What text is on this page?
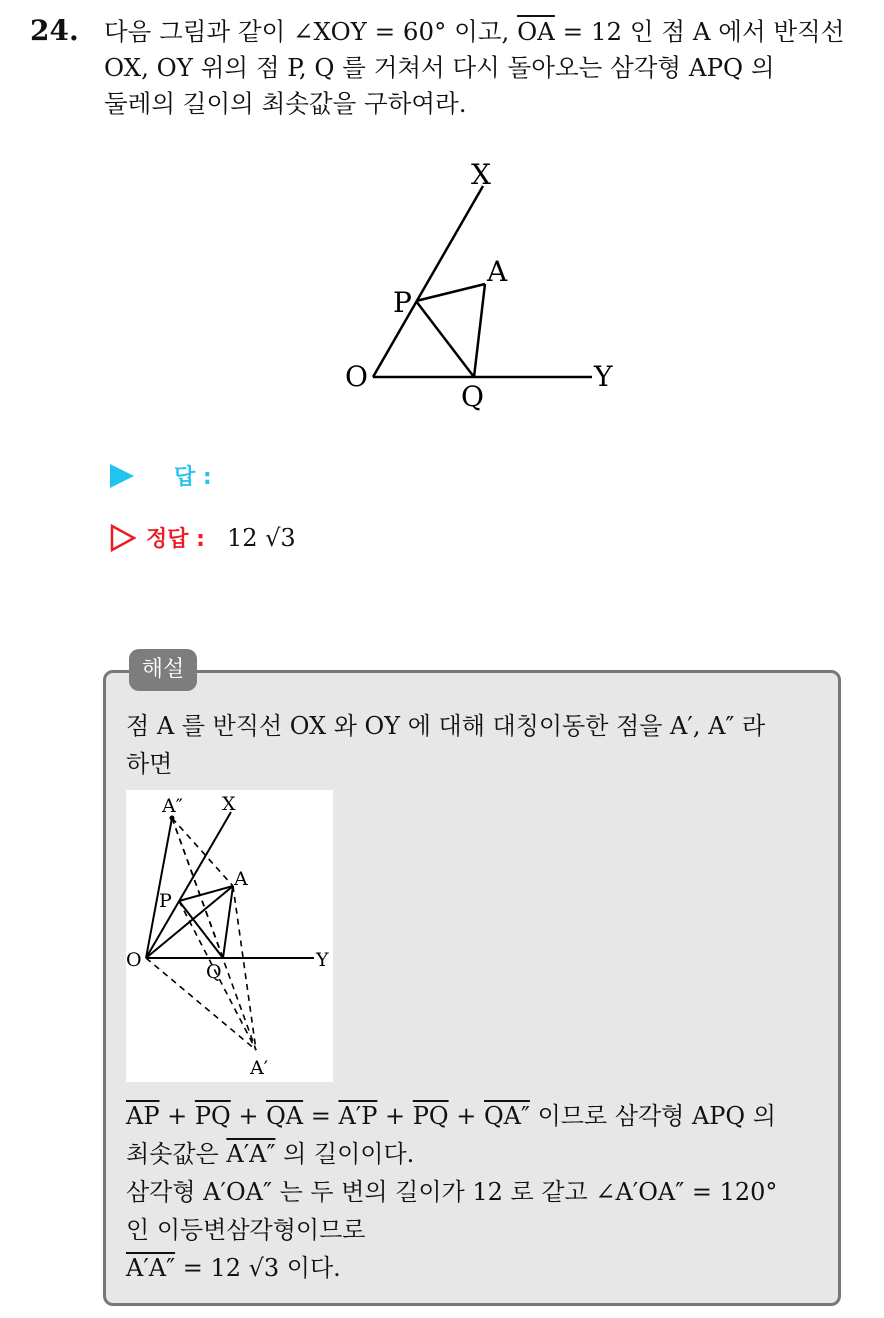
24. 다음 그림과 같이 ∠XOY = 60° 이고, $\overline{OA} = 12$ 인 점 A 에서 반직선
OX, OY 위의 점 P, Q 를 거쳐서 다시 돌아오는 삼각형 APQ 의
둘레의 길이의 최솟값을 구하여라.
X
A
P
O
Q
Y
답 :
정답 : 12 √3
해설
점 A 를 반직선 OX 와 OY 에 대해 대칭이동한 점을 A′, A″ 라
하면
A″ X
A
P
O
Q
Y
A′
$\overline{AP} + \overline{PQ} + \overline{QA} = A'P + \overline{PQ} + QA''$ 이므로 삼각형 APQ 의
최솟값은 A′A″ 의 길이이다.
삼각형 A′OA″ 는 두 변의 길이가 12 로 같고 ∠A′OA″ = 120°
인 이등변삼각형이므로
A′A″ = 12 √3 이다.
